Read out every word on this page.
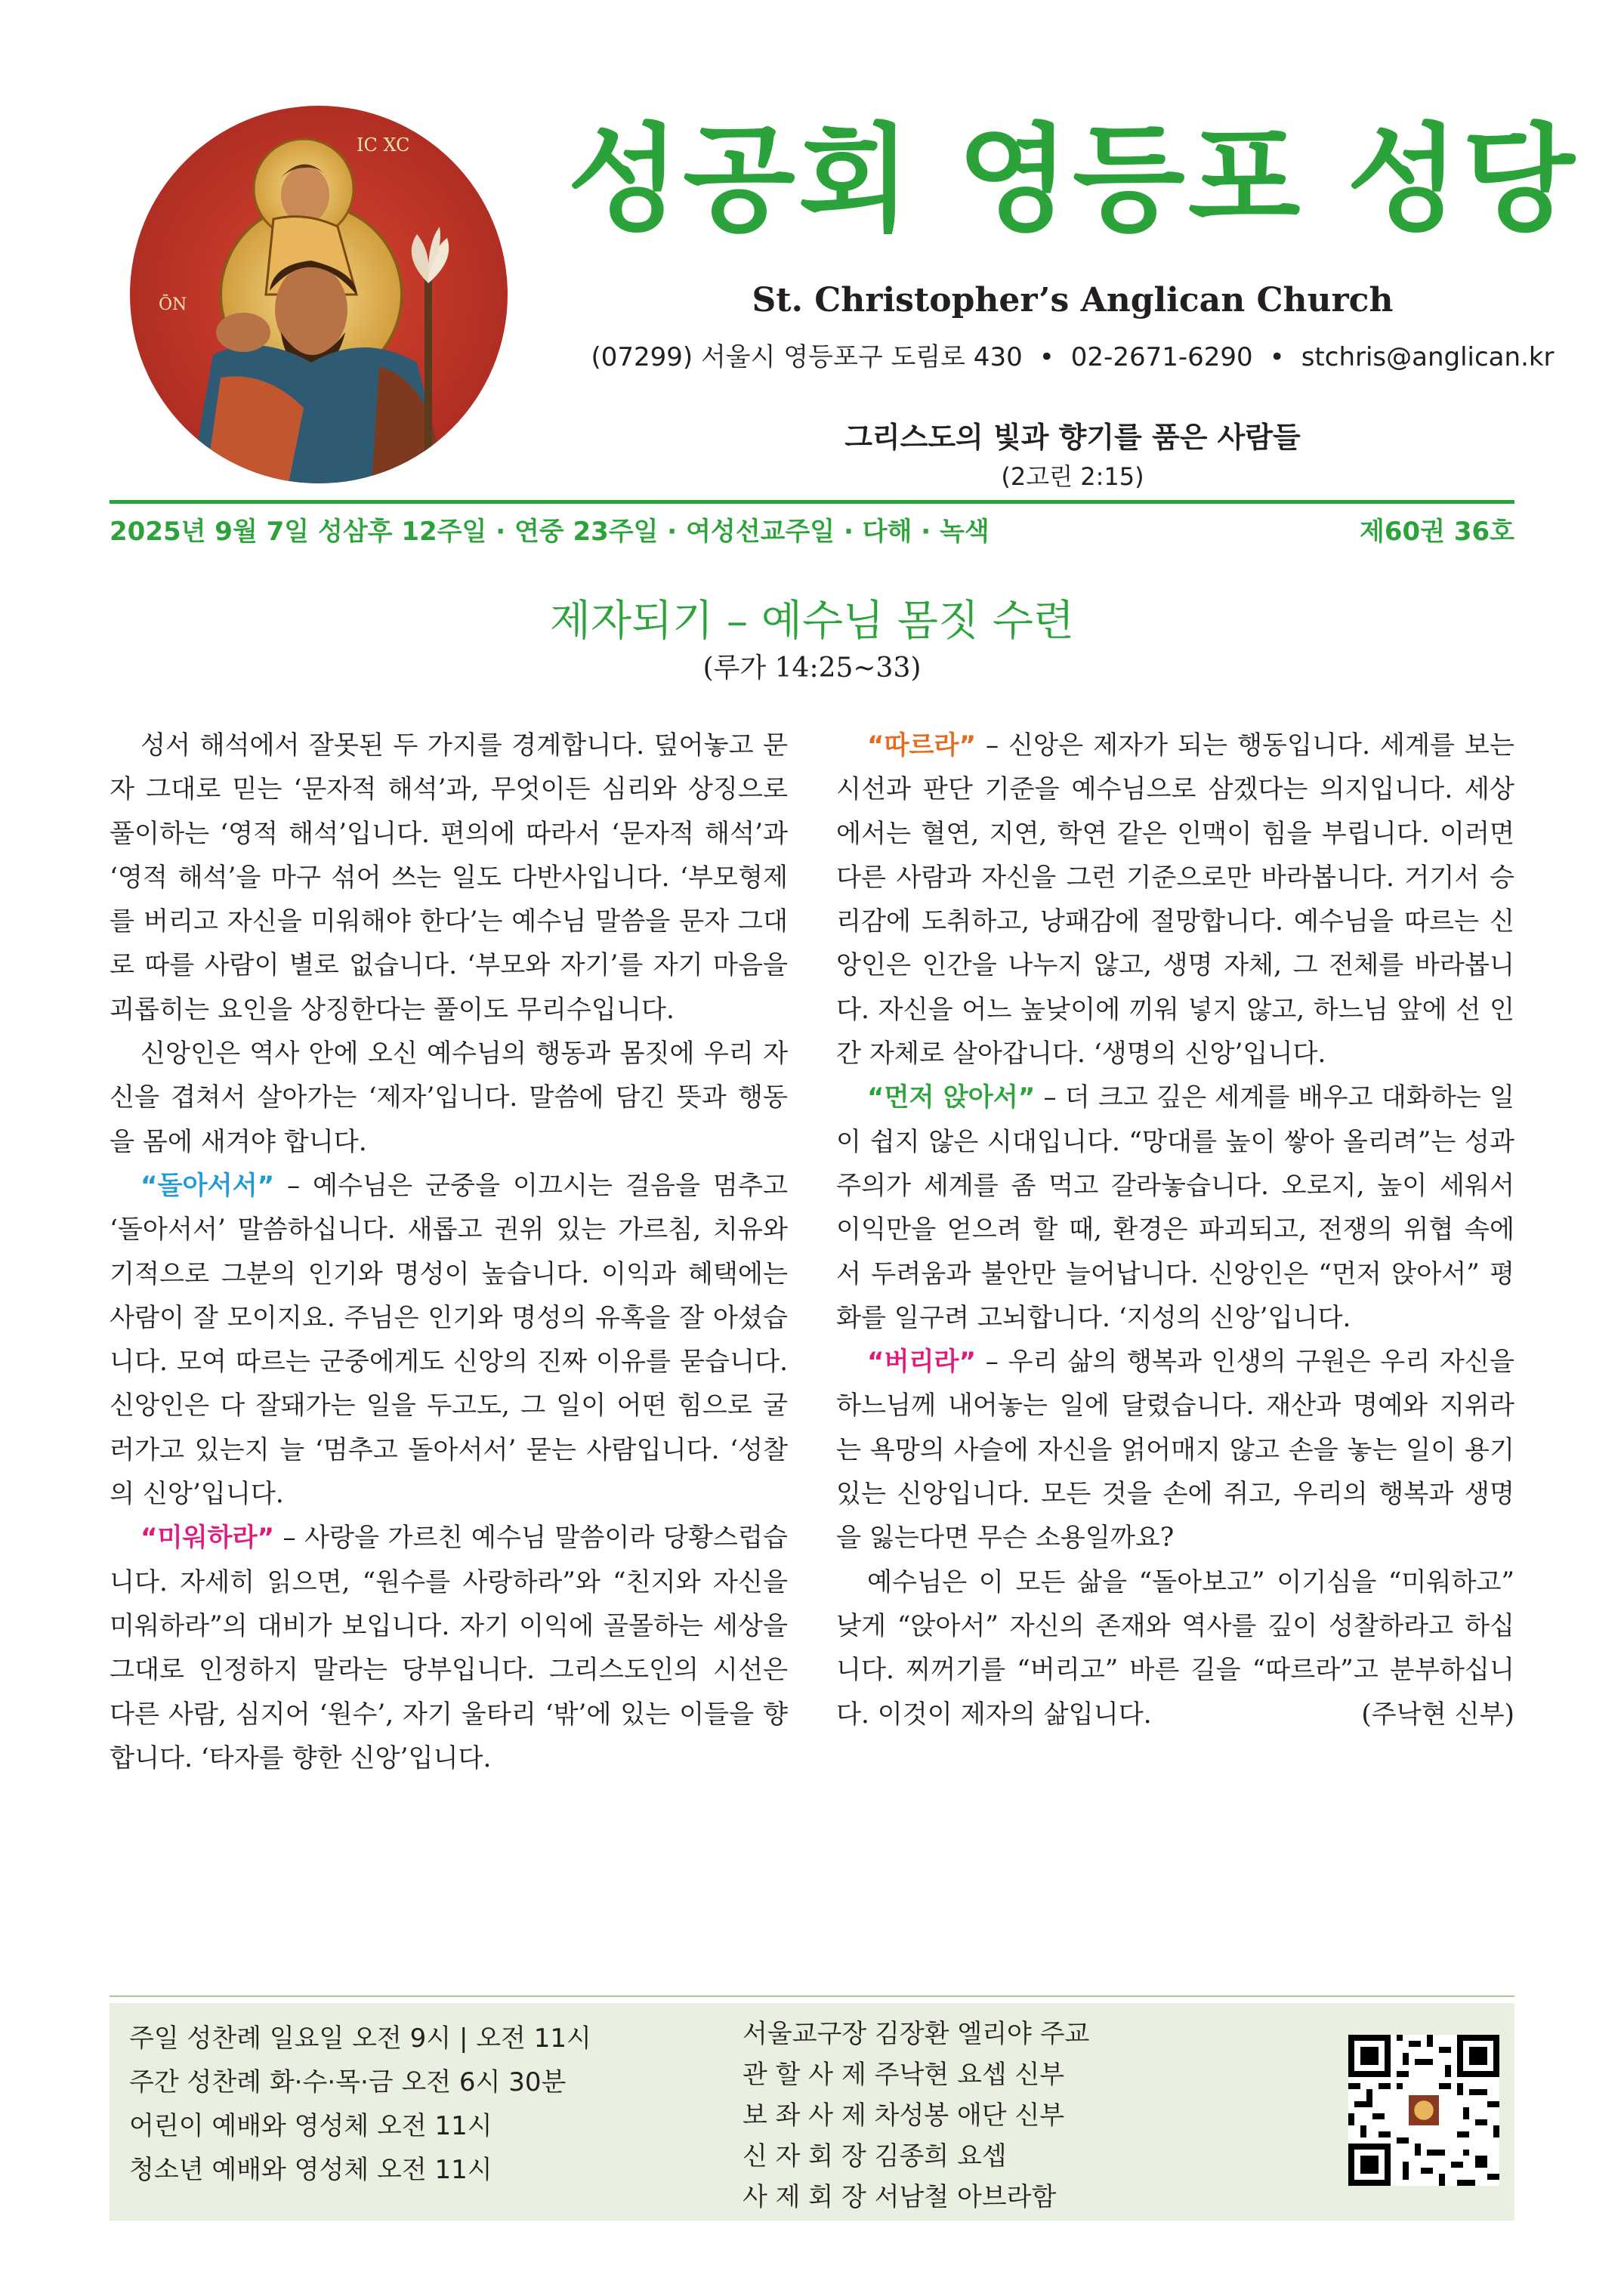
IC XC
ŌN
성공회 영등포 성당
St. Christopher’s Anglican Church
(07299) 서울시 영등포구 도림로 430 • 02-2671-6290 • stchris@anglican.kr
그리스도의 빛과 향기를 품은 사람들
(2고린 2:15)
2025년 9월 7일 성삼후 12주일 · 연중 23주일 · 여성선교주일 · 다해 · 녹색	제60권 36호
제자되기 – 예수님 몸짓 수련
(루가 14:25~33)

성서 해석에서 잘못된 두 가지를 경계합니다. 덮어놓고 문자 그대로 믿는 ‘문자적 해석’과, 무엇이든 심리와 상징으로 풀이하는 ‘영적 해석’입니다. 편의에 따라서 ‘문자적 해석’과 ‘영적 해석’을 마구 섞어 쓰는 일도 다반사입니다. ‘부모형제를 버리고 자신을 미워해야 한다’는 예수님 말씀을 문자 그대로 따를 사람이 별로 없습니다. ‘부모와 자기’를 자기 마음을 괴롭히는 요인을 상징한다는 풀이도 무리수입니다.

신앙인은 역사 안에 오신 예수님의 행동과 몸짓에 우리 자신을 겹쳐서 살아가는 ‘제자’입니다. 말씀에 담긴 뜻과 행동을 몸에 새겨야 합니다.

“돌아서서” – 예수님은 군중을 이끄시는 걸음을 멈추고 ‘돌아서서’ 말씀하십니다. 새롭고 권위 있는 가르침, 치유와 기적으로 그분의 인기와 명성이 높습니다. 이익과 혜택에는 사람이 잘 모이지요. 주님은 인기와 명성의 유혹을 잘 아셨습니다. 모여 따르는 군중에게도 신앙의 진짜 이유를 묻습니다. 신앙인은 다 잘돼가는 일을 두고도, 그 일이 어떤 힘으로 굴러가고 있는지 늘 ‘멈추고 돌아서서’ 묻는 사람입니다. ‘성찰의 신앙’입니다.

“미워하라” – 사랑을 가르친 예수님 말씀이라 당황스럽습니다. 자세히 읽으면, “원수를 사랑하라”와 “친지와 자신을 미워하라”의 대비가 보입니다. 자기 이익에 골몰하는 세상을 그대로 인정하지 말라는 당부입니다. 그리스도인의 시선은 다른 사람, 심지어 ‘원수’, 자기 울타리 ‘밖’에 있는 이들을 향합니다. ‘타자를 향한 신앙’입니다.

“따르라” – 신앙은 제자가 되는 행동입니다. 세계를 보는 시선과 판단 기준을 예수님으로 삼겠다는 의지입니다. 세상에서는 혈연, 지연, 학연 같은 인맥이 힘을 부립니다. 이러면 다른 사람과 자신을 그런 기준으로만 바라봅니다. 거기서 승리감에 도취하고, 낭패감에 절망합니다. 예수님을 따르는 신앙인은 인간을 나누지 않고, 생명 자체, 그 전체를 바라봅니다. 자신을 어느 높낮이에 끼워 넣지 않고, 하느님 앞에 선 인간 자체로 살아갑니다. ‘생명의 신앙’입니다.

“먼저 앉아서” – 더 크고 깊은 세계를 배우고 대화하는 일이 쉽지 않은 시대입니다. “망대를 높이 쌓아 올리려”는 성과주의가 세계를 좀 먹고 갈라놓습니다. 오로지, 높이 세워서 이익만을 얻으려 할 때, 환경은 파괴되고, 전쟁의 위협 속에서 두려움과 불안만 늘어납니다. 신앙인은 “먼저 앉아서” 평화를 일구려 고뇌합니다. ‘지성의 신앙’입니다.

“버리라” – 우리 삶의 행복과 인생의 구원은 우리 자신을 하느님께 내어놓는 일에 달렸습니다. 재산과 명예와 지위라는 욕망의 사슬에 자신을 얽어매지 않고 손을 놓는 일이 용기 있는 신앙입니다. 모든 것을 손에 쥐고, 우리의 행복과 생명을 잃는다면 무슨 소용일까요?

예수님은 이 모든 삶을 “돌아보고” 이기심을 “미워하고” 낮게 “앉아서” 자신의 존재와 역사를 깊이 성찰하라고 하십니다. 찌꺼기를 “버리고” 바른 길을 “따르라”고 분부하십니다. 이것이 제자의 삶입니다.	(주낙현 신부)

주일 성찬례 일요일 오전 9시 | 오전 11시
주간 성찬례 화·수·목·금 오전 6시 30분
어린이 예배와 영성체 오전 11시
청소년 예배와 영성체 오전 11시
서울교구장 김장환 엘리야 주교
관 할 사 제 주낙현 요셉 신부
보 좌 사 제 차성봉 애단 신부
신 자 회 장 김종희 요셉
사 제 회 장 서남철 아브라함
